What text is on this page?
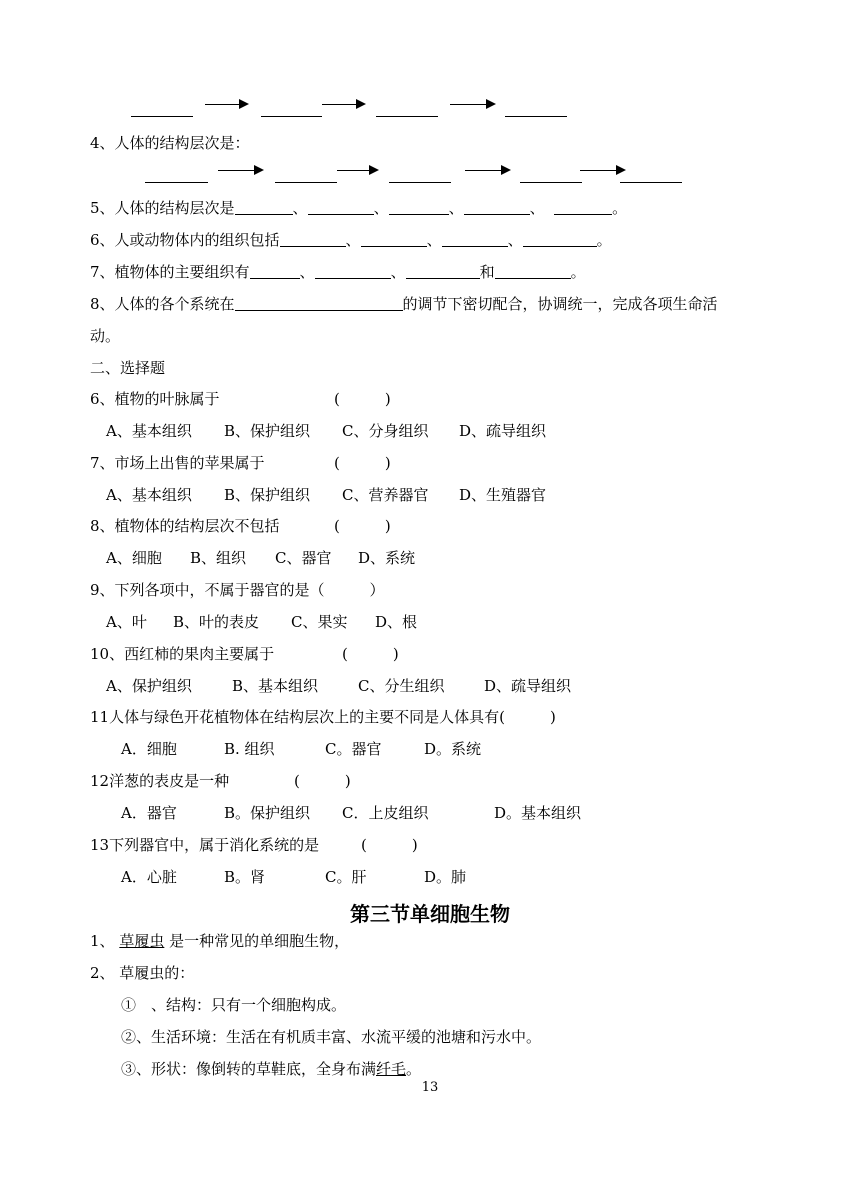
4、人体的结构层次是：
5、人体的结构层次是	、	、	、	、	。
6、人或动物体内的组织包括	、	、	、	。
7、植物体的主要组织有	、	、	和	。
8、人体的各个系统在	的调节下密切配合，协调统一，完成各项生命活
动。
二、选择题
6、植物的叶脉属于	(　　　)
A、基本组织 B、保护组织 C、分身组织 D、疏导组织
7、市场上出售的苹果属于	(　　　)
A、基本组织 B、保护组织 C、营养器官 D、生殖器官
8、植物体的结构层次不包括	(　　　)
A、细胞 B、组织 C、器官 D、系统
9、下列各项中，不属于器官的是（　　　）
A、叶 B、叶的表皮 C、果实 D、根
10、西红柿的果肉主要属于	(　　　)
A、保护组织	B、基本组织	C、分生组织	D、疏导组织
11人体与绿色开花植物体在结构层次上的主要不同是人体具有(　　　)
A．细胞	B. 组织	C。器官	D。系统
12洋葱的表皮是一种	(　　　)
A．器官	B。保护组织 C．上皮组织	D。基本组织
13下列器官中，属于消化系统的是	(　　　)
A．心脏	B。肾	C。肝	D。肺
第三节单细胞生物
1、 草履虫 是一种常见的单细胞生物，
2、 草履虫的：
①　、结构：只有一个细胞构成。
②、生活环境：生活在有机质丰富、水流平缓的池塘和污水中。
③、形状：像倒转的草鞋底，全身布满纤毛。
13
